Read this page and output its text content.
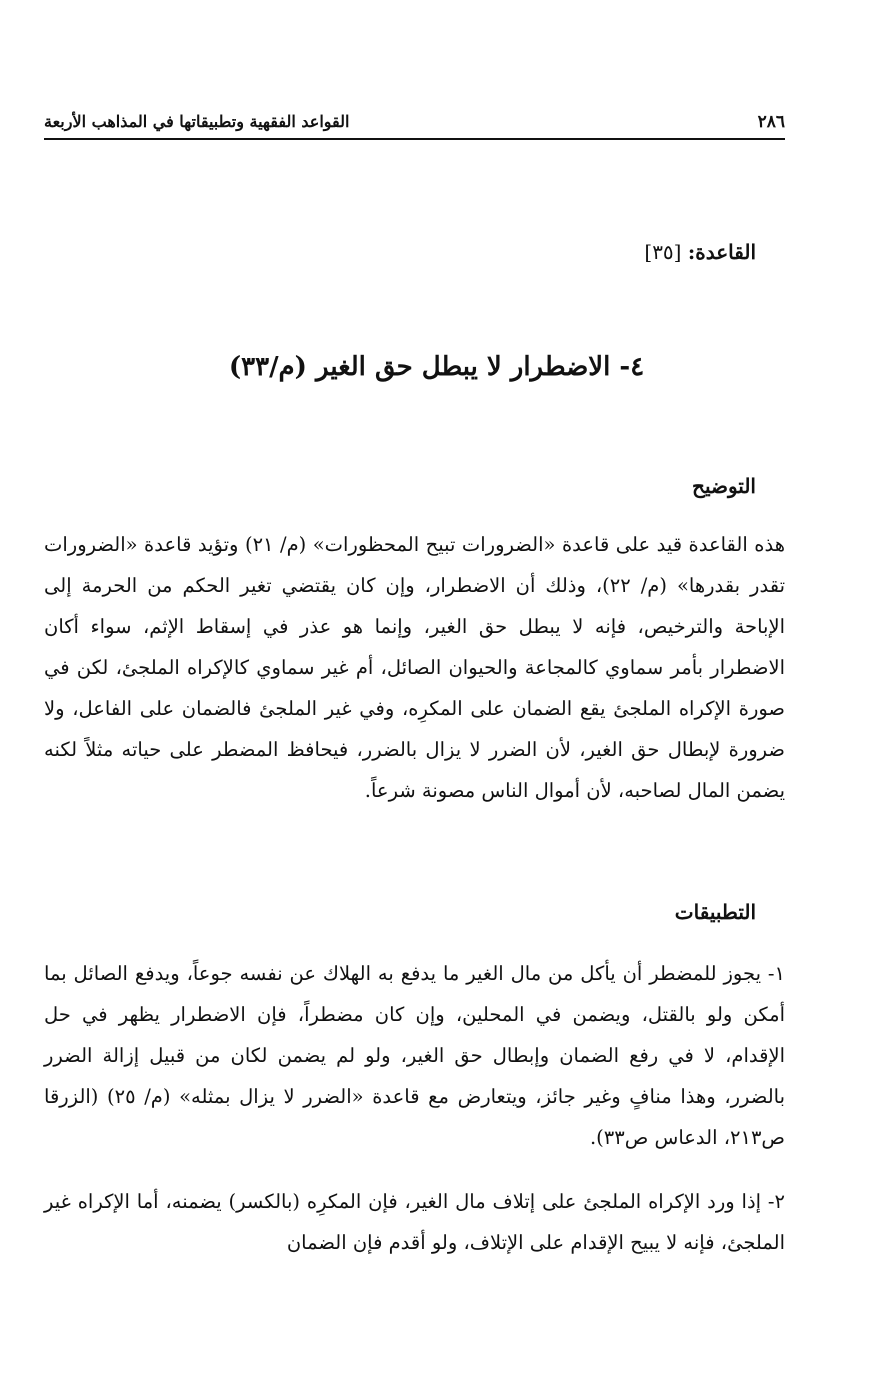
٢٨٦
القواعد الفقهية وتطبيقاتها في المذاهب الأربعة
القاعدة: [٣٥]
٤- الاضطرار لا يبطل حق الغير (م/٣٣)
التوضيح

هذه القاعدة قيد على قاعدة «الضرورات تبيح المحظورات» (م/ ٢١) وتؤيد قاعدة «الضرورات تقدر بقدرها» (م/ ٢٢)، وذلك أن الاضطرار، وإن كان يقتضي تغير الحكم من الحرمة إلى الإباحة والترخيص، فإنه لا يبطل حق الغير، وإنما هو عذر في إسقاط الإثم، سواء أكان الاضطرار بأمر سماوي كالمجاعة والحيوان الصائل، أم غير سماوي كالإكراه الملجئ، لكن في صورة الإكراه الملجئ يقع الضمان على المكرِه، وفي غير الملجئ فالضمان على الفاعل، ولا ضرورة لإبطال حق الغير، لأن الضرر لا يزال بالضرر، فيحافظ المضطر على حياته مثلاً لكنه يضمن المال لصاحبه، لأن أموال الناس مصونة شرعاً.

التطبيقات

١- يجوز للمضطر أن يأكل من مال الغير ما يدفع به الهلاك عن نفسه جوعاً، ويدفع الصائل بما أمكن ولو بالقتل، ويضمن في المحلين، وإن كان مضطراً، فإن الاضطرار يظهر في حل الإقدام، لا في رفع الضمان وإبطال حق الغير، ولو لم يضمن لكان من قبيل إزالة الضرر بالضرر، وهذا منافٍ وغير جائز، ويتعارض مع قاعدة «الضرر لا يزال بمثله» (م/ ٢٥) (الزرقا ص٢١٣، الدعاس ص٣٣).

٢- إذا ورد الإكراه الملجئ على إتلاف مال الغير، فإن المكرِه (بالكسر) يضمنه، أما الإكراه غير الملجئ، فإنه لا يبيح الإقدام على الإتلاف، ولو أقدم فإن الضمان
